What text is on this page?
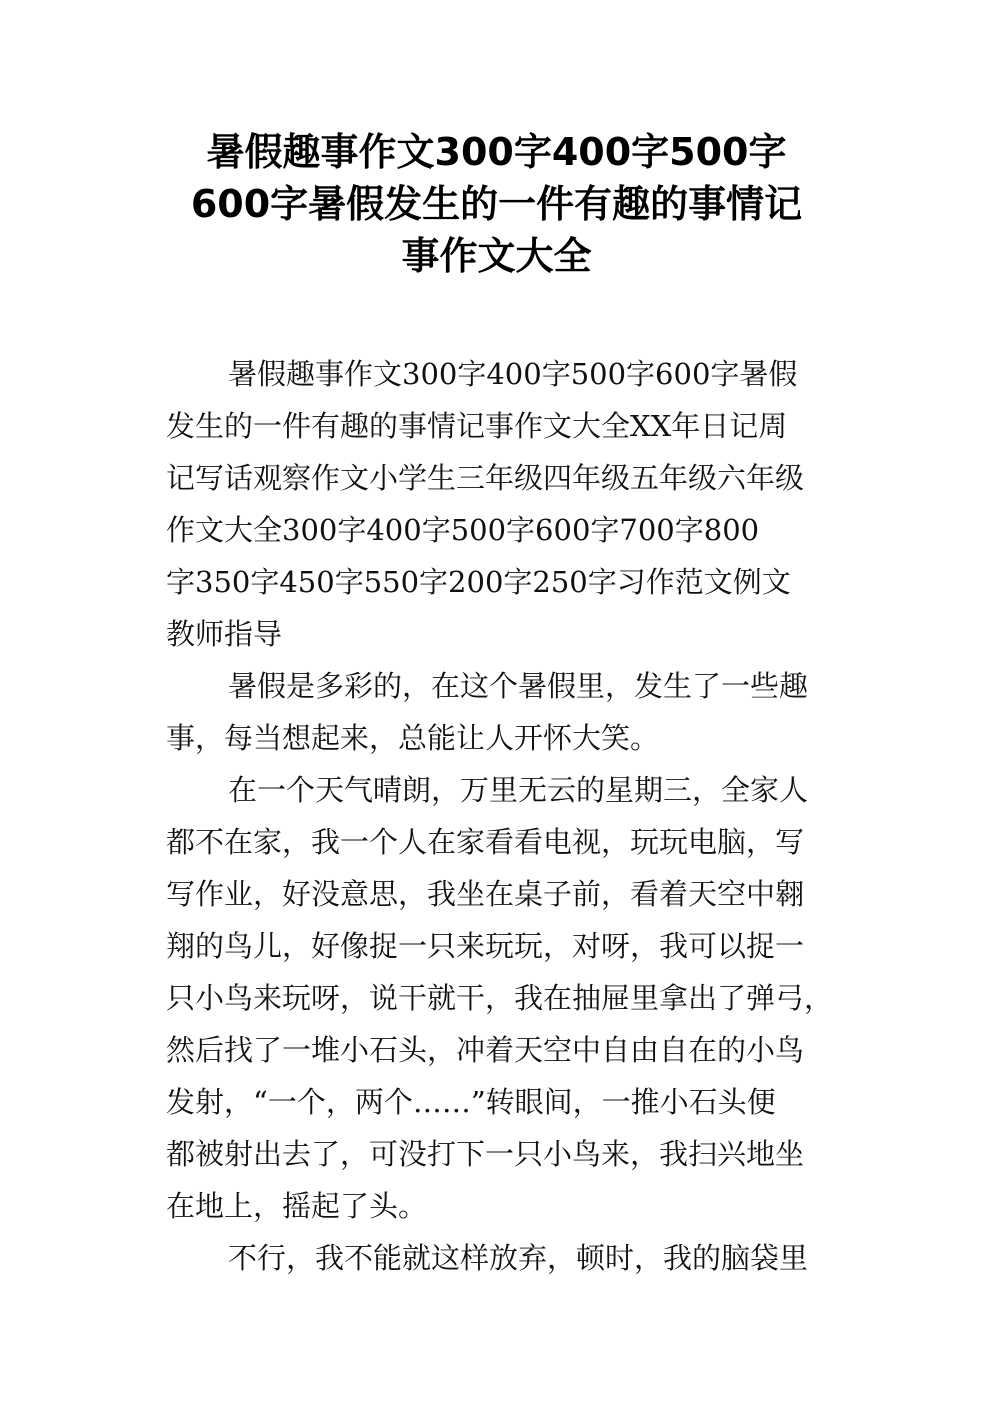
暑假趣事作文300字400字500字
600字暑假发生的一件有趣的事情记
事作文大全

暑假趣事作文300字400字500字600字暑假
发生的一件有趣的事情记事作文大全XX年日记周
记写话观察作文小学生三年级四年级五年级六年级
作文大全300字400字500字600字700字800
字350字450字550字200字250字习作范文例文
教师指导

暑假是多彩的，在这个暑假里，发生了一些趣
事，每当想起来，总能让人开怀大笑。

在一个天气晴朗，万里无云的星期三，全家人
都不在家，我一个人在家看看电视，玩玩电脑，写
写作业，好没意思，我坐在桌子前，看着天空中翱
翔的鸟儿，好像捉一只来玩玩，对呀，我可以捉一
只小鸟来玩呀，说干就干，我在抽屉里拿出了弹弓，
然后找了一堆小石头，冲着天空中自由自在的小鸟
发射，“一个，两个……”转眼间，一推小石头便
都被射出去了，可没打下一只小鸟来，我扫兴地坐
在地上，摇起了头。

不行，我不能就这样放弃，顿时，我的脑袋里
